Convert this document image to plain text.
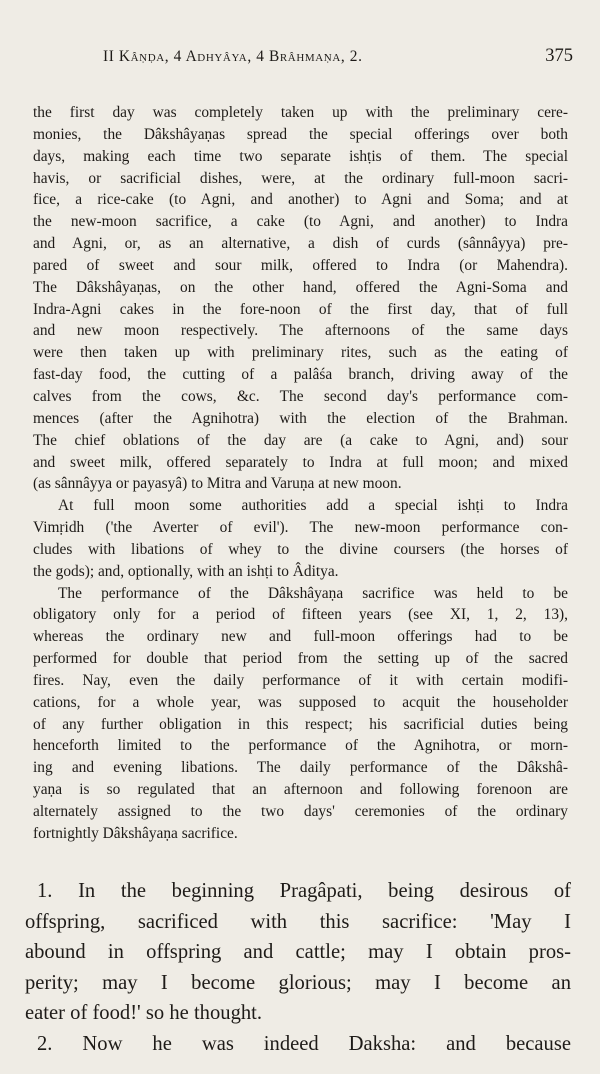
II Kâṇḍa, 4 Adhyâya, 4 Brâhmaṇa, 2.	375
the first day was completely taken up with the preliminary cere-
monies, the Dâkshâyaṇas spread the special offerings over both
days, making each time two separate ishṭis of them. The special
havis, or sacrificial dishes, were, at the ordinary full-moon sacri-
fice, a rice-cake (to Agni, and another) to Agni and Soma; and at
the new-moon sacrifice, a cake (to Agni, and another) to Indra
and Agni, or, as an alternative, a dish of curds (sânnâyya) pre-
pared of sweet and sour milk, offered to Indra (or Mahendra).
The Dâkshâyaṇas, on the other hand, offered the Agni-Soma and
Indra-Agni cakes in the fore-noon of the first day, that of full
and new moon respectively. The afternoons of the same days
were then taken up with preliminary rites, such as the eating of
fast-day food, the cutting of a palâśa branch, driving away of the
calves from the cows, &c. The second day's performance com-
mences (after the Agnihotra) with the election of the Brahman.
The chief oblations of the day are (a cake to Agni, and) sour
and sweet milk, offered separately to Indra at full moon; and mixed
(as sânnâyya or payasyâ) to Mitra and Varuṇa at new moon.
At full moon some authorities add a special ishṭi to Indra
Vimṛidh ('the Averter of evil'). The new-moon performance con-
cludes with libations of whey to the divine coursers (the horses of
the gods); and, optionally, with an ishṭi to Âditya.
The performance of the Dâkshâyaṇa sacrifice was held to be
obligatory only for a period of fifteen years (see XI, 1, 2, 13),
whereas the ordinary new and full-moon offerings had to be
performed for double that period from the setting up of the sacred
fires. Nay, even the daily performance of it with certain modifi-
cations, for a whole year, was supposed to acquit the householder
of any further obligation in this respect; his sacrificial duties being
henceforth limited to the performance of the Agnihotra, or morn-
ing and evening libations. The daily performance of the Dâkshâ-
yaṇa is so regulated that an afternoon and following forenoon are
alternately assigned to the two days' ceremonies of the ordinary
fortnightly Dâkshâyaṇa sacrifice.
1. In the beginning Pragâpati, being desirous of
offspring, sacrificed with this sacrifice: 'May I
abound in offspring and cattle; may I obtain pros-
perity; may I become glorious; may I become an
eater of food!' so he thought.
2. Now he was indeed Daksha: and because
